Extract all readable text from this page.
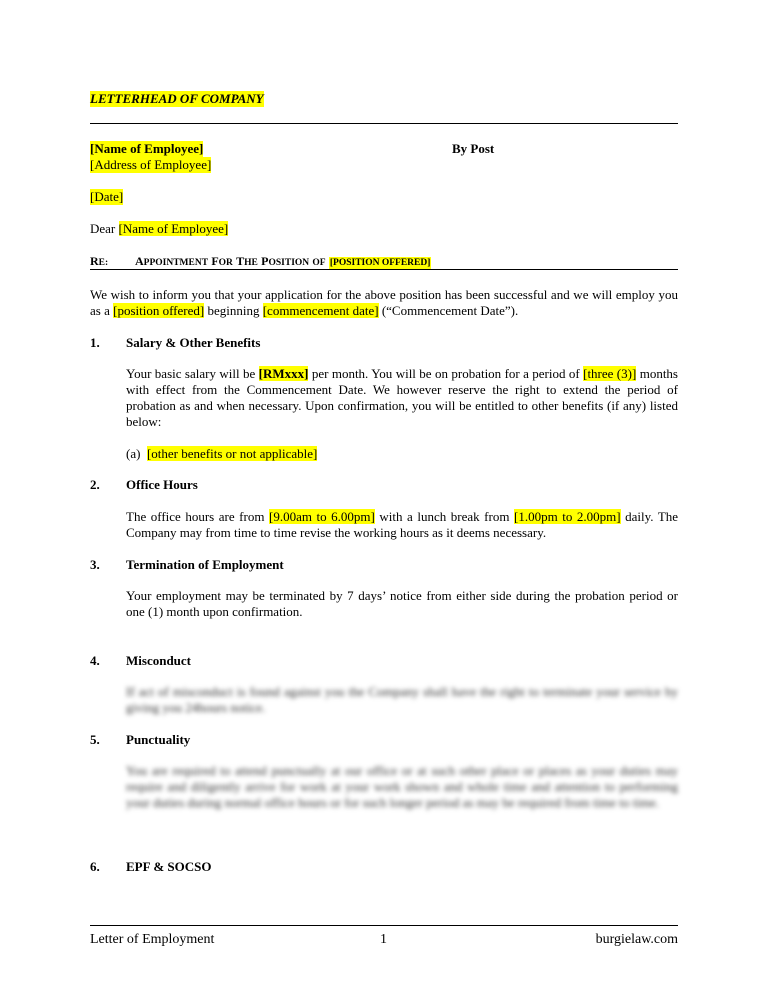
LETTERHEAD OF COMPANY
[Name of Employee]	By Post
[Address of Employee]
[Date]
Dear [Name of Employee]
RE: APPOINTMENT FOR THE POSITION OF [POSITION OFFERED]
We wish to inform you that your application for the above position has been successful and we will employ you as a [position offered] beginning [commencement date] (“Commencement Date”).
1. Salary & Other Benefits
Your basic salary will be [RMxxx] per month. You will be on probation for a period of [three (3)] months with effect from the Commencement Date. We however reserve the right to extend the period of probation as and when necessary. Upon confirmation, you will be entitled to other benefits (if any) listed below:
(a) [other benefits or not applicable]
2. Office Hours
The office hours are from [9.00am to 6.00pm] with a lunch break from [1.00pm to 2.00pm] daily. The Company may from time to time revise the working hours as it deems necessary.
3. Termination of Employment
Your employment may be terminated by 7 days’ notice from either side during the probation period or one (1) month upon confirmation.
4. Misconduct
If act of misconduct is found against you the Company shall have the right to terminate your service by giving you 24hours notice.
5. Punctuality
You are required to attend punctually at our office or at such other place or places as your duties may require and diligently arrive for work at your work shown and whole time and attention to performing your duties during normal office hours or for such longer period as may be required from time to time.
6. EPF & SOCSO
Letter of Employment	1	burgielaw.com
